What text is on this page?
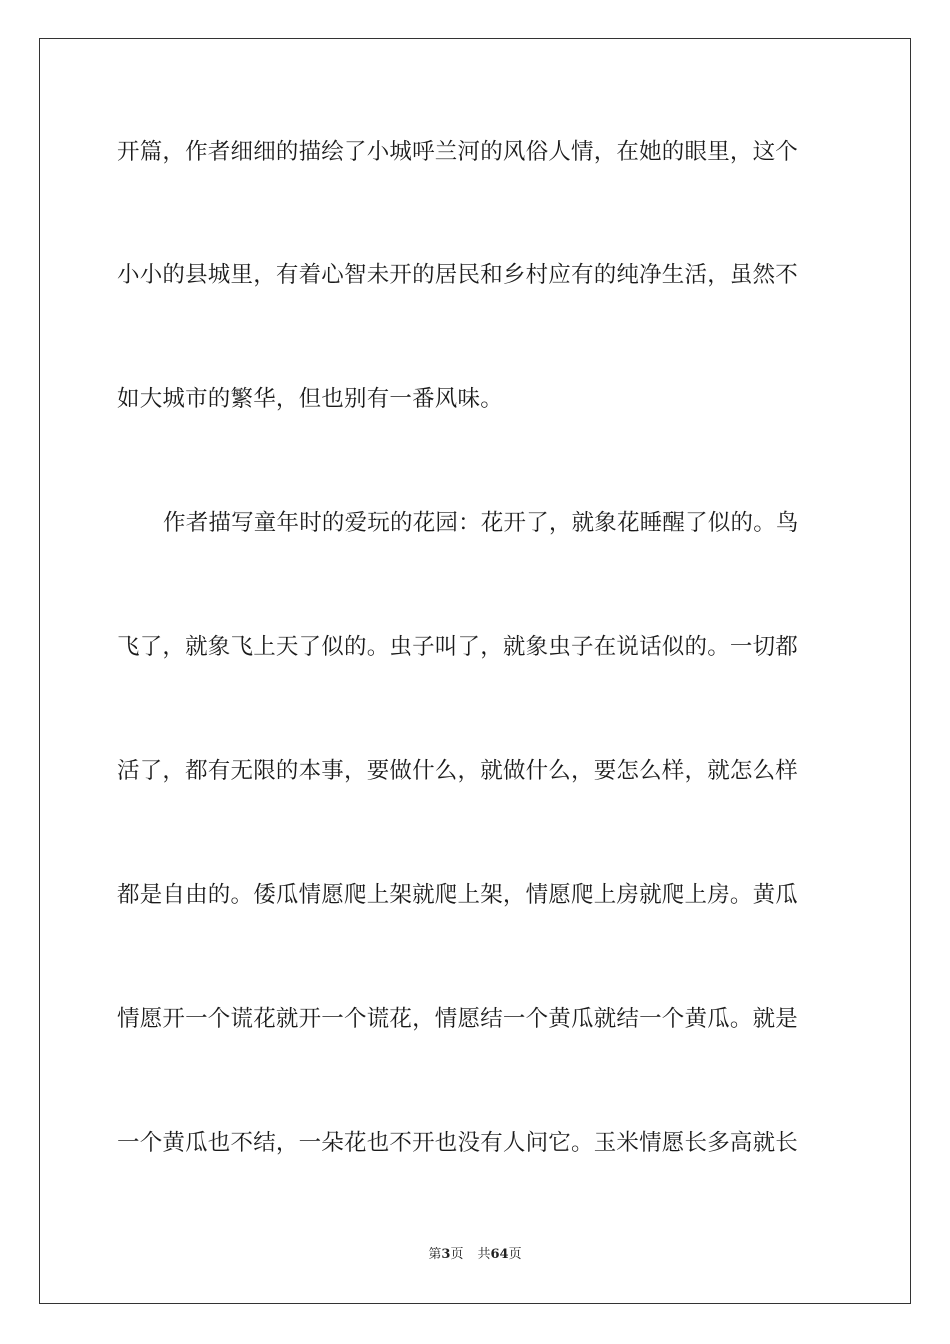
开篇，作者细细的描绘了小城呼兰河的风俗人情，在她的眼里，这个
小小的县城里，有着心智未开的居民和乡村应有的纯净生活，虽然不
如大城市的繁华，但也别有一番风味。
作者描写童年时的爱玩的花园：花开了，就象花睡醒了似的。鸟
飞了，就象飞上天了似的。虫子叫了，就象虫子在说话似的。一切都
活了，都有无限的本事，要做什么，就做什么，要怎么样，就怎么样
都是自由的。倭瓜情愿爬上架就爬上架，情愿爬上房就爬上房。黄瓜
情愿开一个谎花就开一个谎花，情愿结一个黄瓜就结一个黄瓜。就是
一个黄瓜也不结，一朵花也不开也没有人问它。玉米情愿长多高就长
第3页 共64页
